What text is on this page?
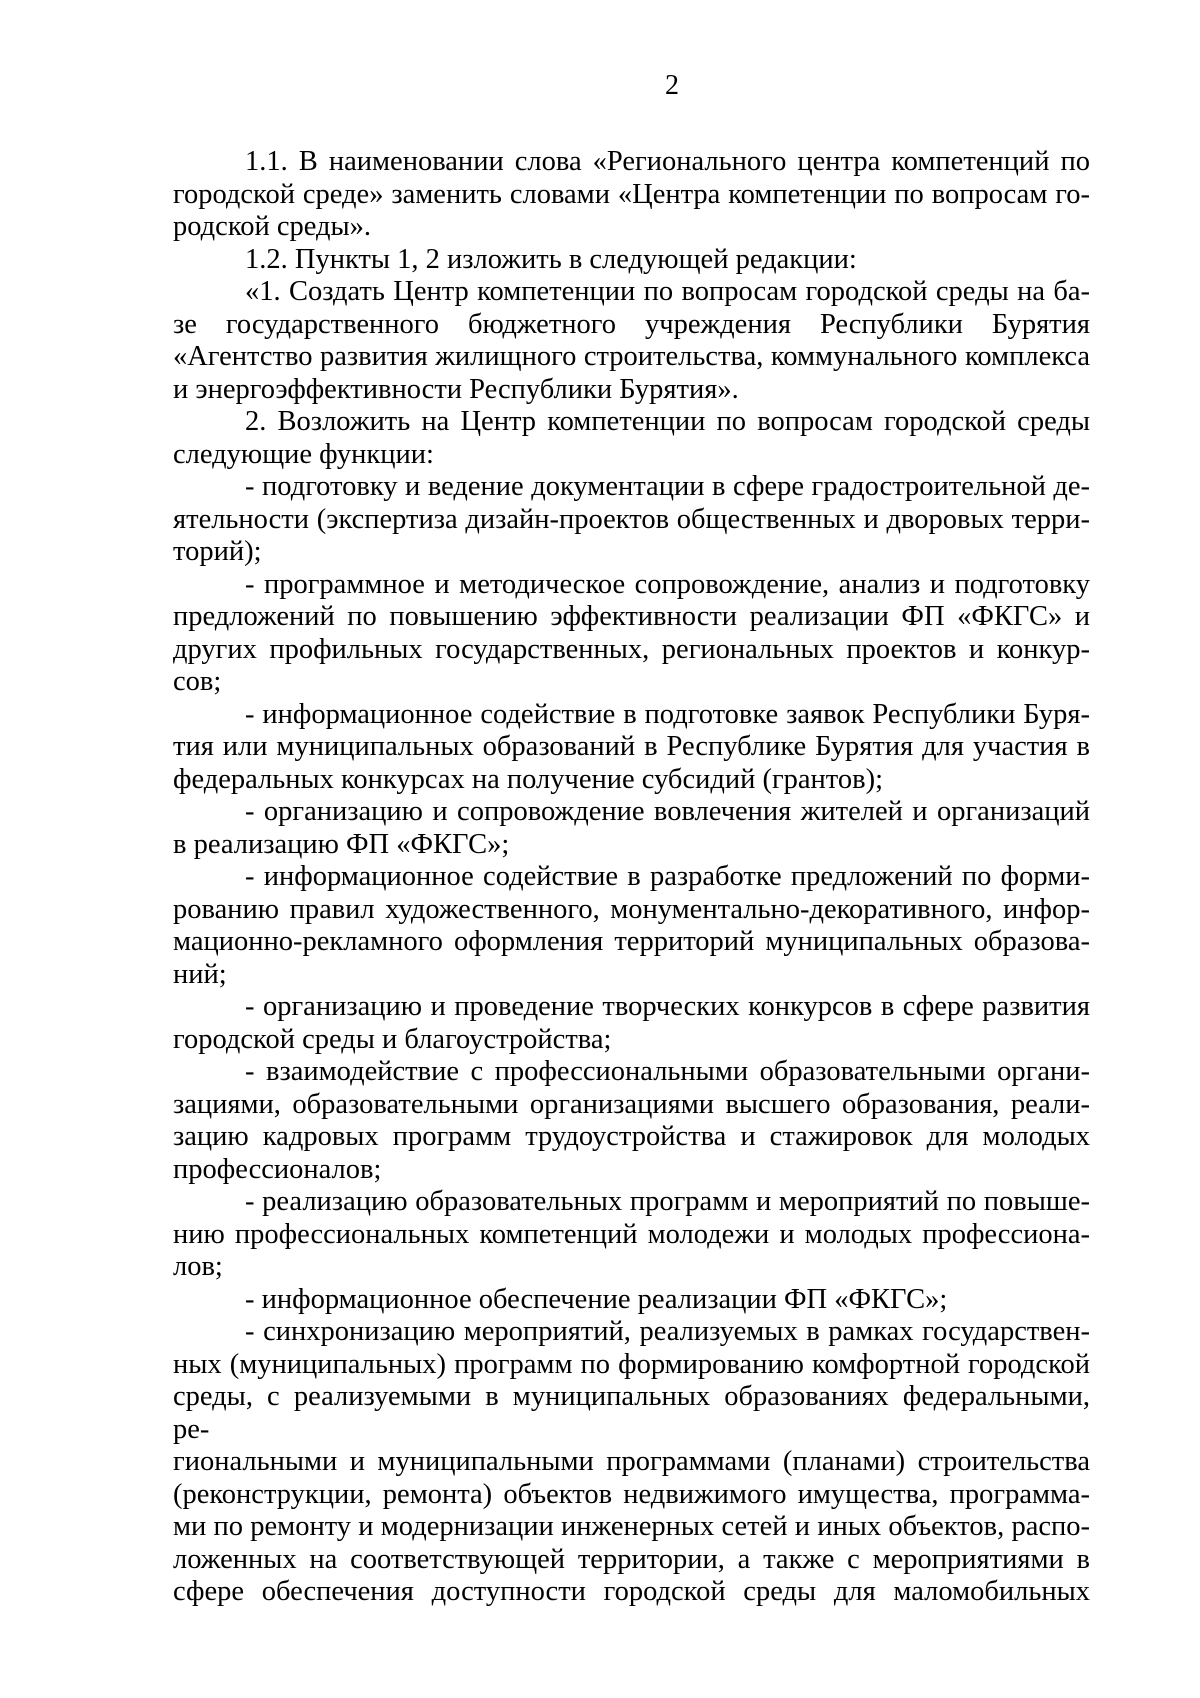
2
1.1. В наименовании слова «Регионального центра компетенций по
городской среде» заменить словами «Центра компетенции по вопросам го-
родской среды».
1.2. Пункты 1, 2 изложить в следующей редакции:
«1. Создать Центр компетенции по вопросам городской среды на ба-
зе государственного бюджетного учреждения Республики Бурятия
«Агентство развития жилищного строительства, коммунального комплекса
и энергоэффективности Республики Бурятия».
2. Возложить на Центр компетенции по вопросам городской среды
следующие функции:
- подготовку и ведение документации в сфере градостроительной де-
ятельности (экспертиза дизайн-проектов общественных и дворовых терри-
торий);
- программное и методическое сопровождение, анализ и подготовку
предложений по повышению эффективности реализации ФП «ФКГС» и
других профильных государственных, региональных проектов и конкур-
сов;
- информационное содействие в подготовке заявок Республики Буря-
тия или муниципальных образований в Республике Бурятия для участия в
федеральных конкурсах на получение субсидий (грантов);
- организацию и сопровождение вовлечения жителей и организаций
в реализацию ФП «ФКГС»;
- информационное содействие в разработке предложений по форми-
рованию правил художественного, монументально-декоративного, инфор-
мационно-рекламного оформления территорий муниципальных образова-
ний;
- организацию и проведение творческих конкурсов в сфере развития
городской среды и благоустройства;
- взаимодействие с профессиональными образовательными органи-
зациями, образовательными организациями высшего образования, реали-
зацию кадровых программ трудоустройства и стажировок для молодых
профессионалов;
- реализацию образовательных программ и мероприятий по повыше-
нию профессиональных компетенций молодежи и молодых профессиона-
лов;
- информационное обеспечение реализации ФП «ФКГС»;
- синхронизацию мероприятий, реализуемых в рамках государствен-
ных (муниципальных) программ по формированию комфортной городской
среды, с реализуемыми в муниципальных образованиях федеральными, ре-
гиональными и муниципальными программами (планами) строительства
(реконструкции, ремонта) объектов недвижимого имущества, программа-
ми по ремонту и модернизации инженерных сетей и иных объектов, распо-
ложенных на соответствующей территории, а также с мероприятиями в
сфере обеспечения доступности городской среды для маломобильных
